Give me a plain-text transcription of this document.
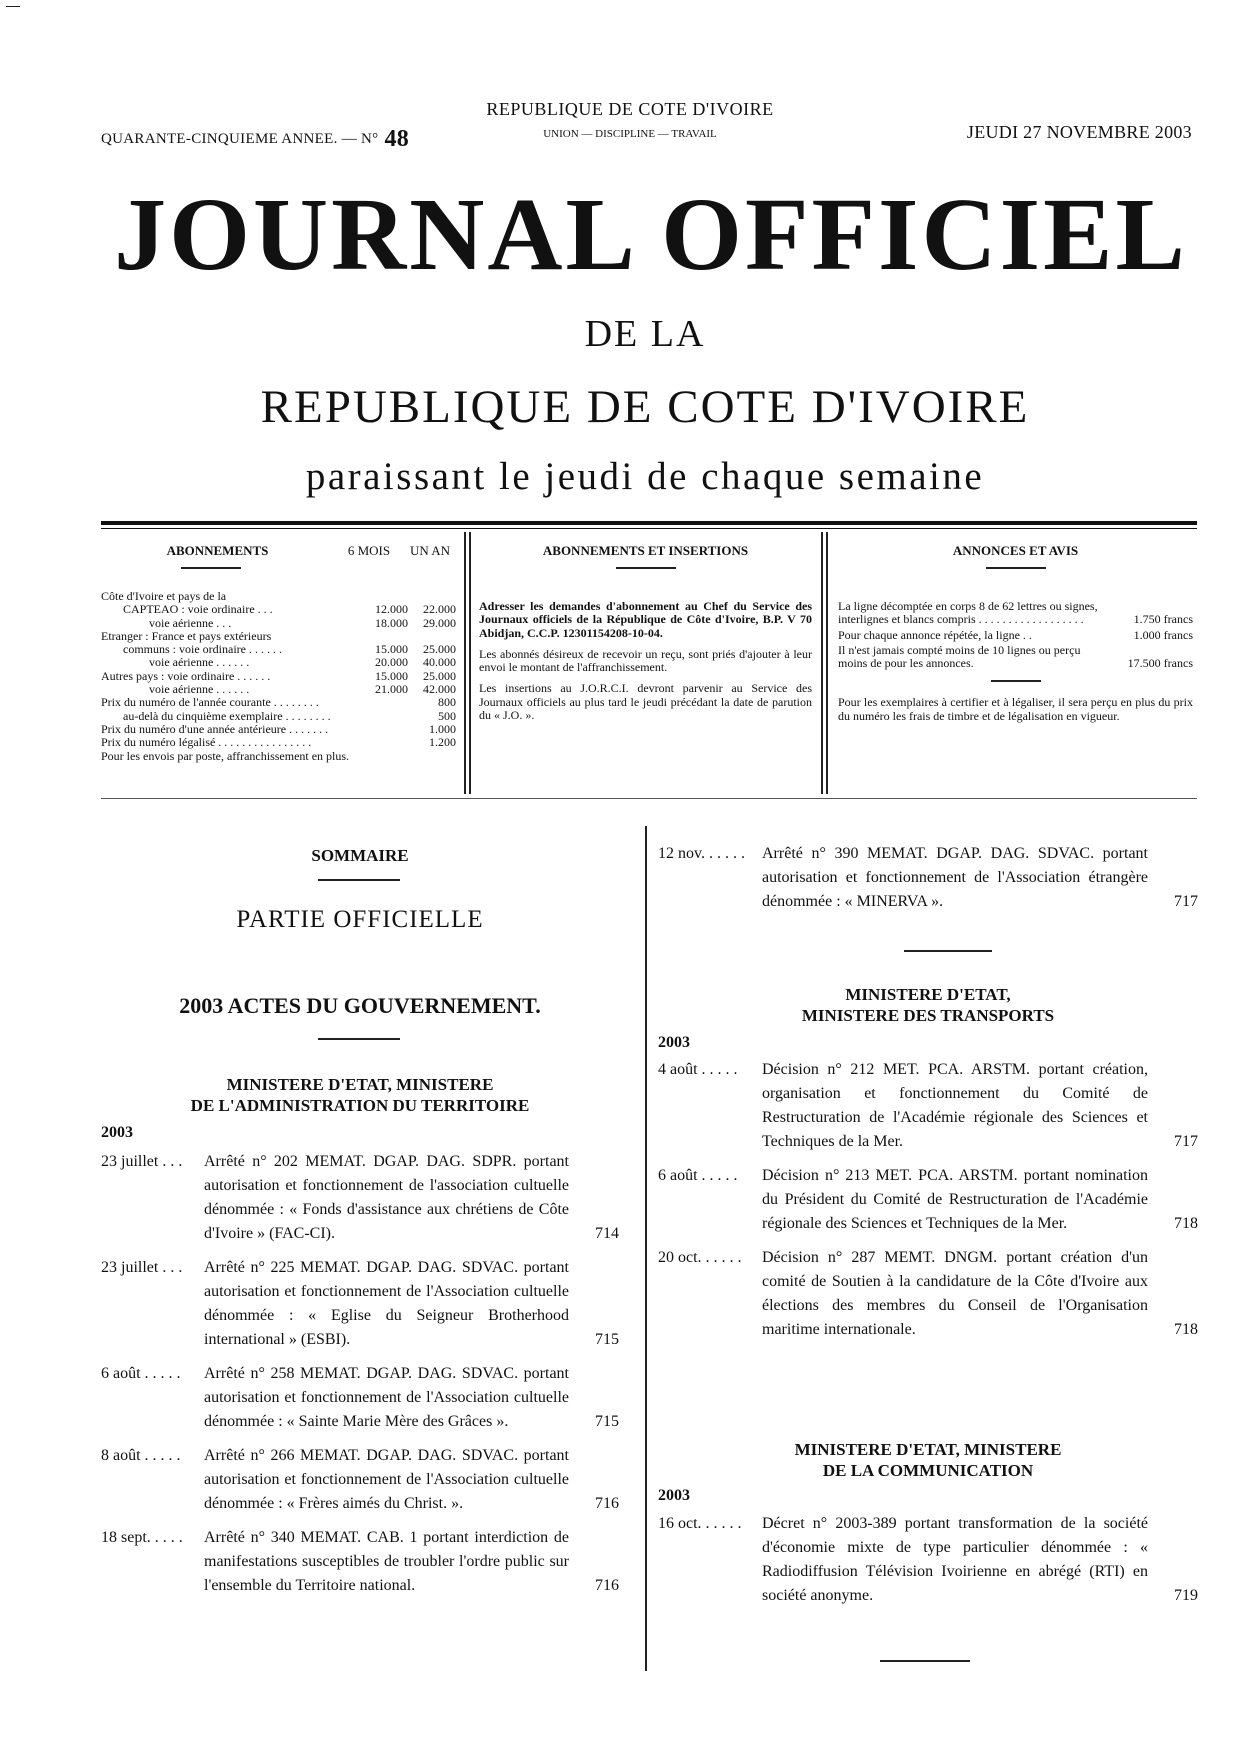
QUARANTE-CINQUIEME ANNEE. — N° 48
REPUBLIQUE DE COTE D'IVOIRE
UNION — DISCIPLINE — TRAVAIL	JEUDI 27 NOVEMBRE 2003
JOURNAL OFFICIEL
DE LA
REPUBLIQUE DE COTE D'IVOIRE
paraissant le jeudi de chaque semaine
ABONNEMENTS	6 MOIS	UN AN
Côte d'Ivoire et pays de la
CAPTEAO : voie ordinaire . . .	12.000	22.000
voie aérienne . . .	18.000	29.000
Etranger : France et pays extérieurs
communs : voie ordinaire . . . . . .	15.000	25.000
voie aérienne . . . . . .	20.000	40.000
Autres pays : voie ordinaire . . . . . .	15.000	25.000
voie aérienne . . . . . .	21.000	42.000
Prix du numéro de l'année courante . . . . . . . .	800
au-delà du cinquième exemplaire . . . . . . . .	500
Prix du numéro d'une année antérieure . . . . . . .	1.000
Prix du numéro légalisé . . . . . . . . . . . . . . . .	1.200
Pour les envois par poste, affranchissement en plus.
ABONNEMENTS ET INSERTIONS

Adresser les demandes d'abonnement au Chef du Service des Journaux officiels de la République de Côte d'Ivoire, B.P. V 70 Abidjan, C.C.P. 12301154208-10-04.

Les abonnés désireux de recevoir un reçu, sont priés d'ajouter à leur envoi le montant de l'affranchissement.

Les insertions au J.O.R.C.I. devront parvenir au Service des Journaux officiels au plus tard le jeudi précédant la date de parution du « J.O. ».

ANNONCES ET AVIS
La ligne décomptée en corps 8 de 62 lettres ou signes, interlignes et blancs compris . . . . . . . . . . . . . . . . . .	1.750 francs
Pour chaque annonce répétée, la ligne . .	1.000 francs
Il n'est jamais compté moins de 10 lignes ou perçu moins de pour les annonces.	17.500 francs
Pour les exemplaires à certifier et à légaliser, il sera perçu en plus du prix du numéro les frais de timbre et de légalisation en vigueur.
SOMMAIRE
PARTIE OFFICIELLE
2003 ACTES DU GOUVERNEMENT.
MINISTERE D'ETAT, MINISTERE
DE L'ADMINISTRATION DU TERRITOIRE
2003
23 juillet . . .	Arrêté n° 202 MEMAT. DGAP. DAG. SDPR. portant autorisation et fonctionnement de l'association cultuelle dénommée : « Fonds d'assistance aux chrétiens de Côte d'Ivoire » (FAC-CI).	714
23 juillet . . .	Arrêté n° 225 MEMAT. DGAP. DAG. SDVAC. portant autorisation et fonctionnement de l'Association cultuelle dénommée : « Eglise du Seigneur Brotherhood international » (ESBI).	715
6 août . . . . .	Arrêté n° 258 MEMAT. DGAP. DAG. SDVAC. portant autorisation et fonctionnement de l'Association cultuelle dénommée : « Sainte Marie Mère des Grâces ».	715
8 août . . . . .	Arrêté n° 266 MEMAT. DGAP. DAG. SDVAC. portant autorisation et fonctionnement de l'Association cultuelle dénommée : « Frères aimés du Christ. ».	716
18 sept. . . . .	Arrêté n° 340 MEMAT. CAB. 1 portant interdiction de manifestations susceptibles de troubler l'ordre public sur l'ensemble du Territoire national.	716
12 nov. . . . . .	Arrêté n° 390 MEMAT. DGAP. DAG. SDVAC. portant autorisation et fonctionnement de l'Association étrangère dénommée : « MINERVA ».	717
MINISTERE D'ETAT,
MINISTERE DES TRANSPORTS
2003
4 août . . . . .	Décision n° 212 MET. PCA. ARSTM. portant création, organisation et fonctionnement du Comité de Restructuration de l'Académie régionale des Sciences et Techniques de la Mer.	717
6 août . . . . .	Décision n° 213 MET. PCA. ARSTM. portant nomination du Président du Comité de Restructuration de l'Académie régionale des Sciences et Techniques de la Mer.	718
20 oct. . . . . .	Décision n° 287 MEMT. DNGM. portant création d'un comité de Soutien à la candidature de la Côte d'Ivoire aux élections des membres du Conseil de l'Organisation maritime internationale.	718
MINISTERE D'ETAT, MINISTERE
DE LA COMMUNICATION
2003
16 oct. . . . . .	Décret n° 2003-389 portant transformation de la société d'économie mixte de type particulier dénommée : « Radiodiffusion Télévision Ivoirienne en abrégé (RTI) en société anonyme.	719
